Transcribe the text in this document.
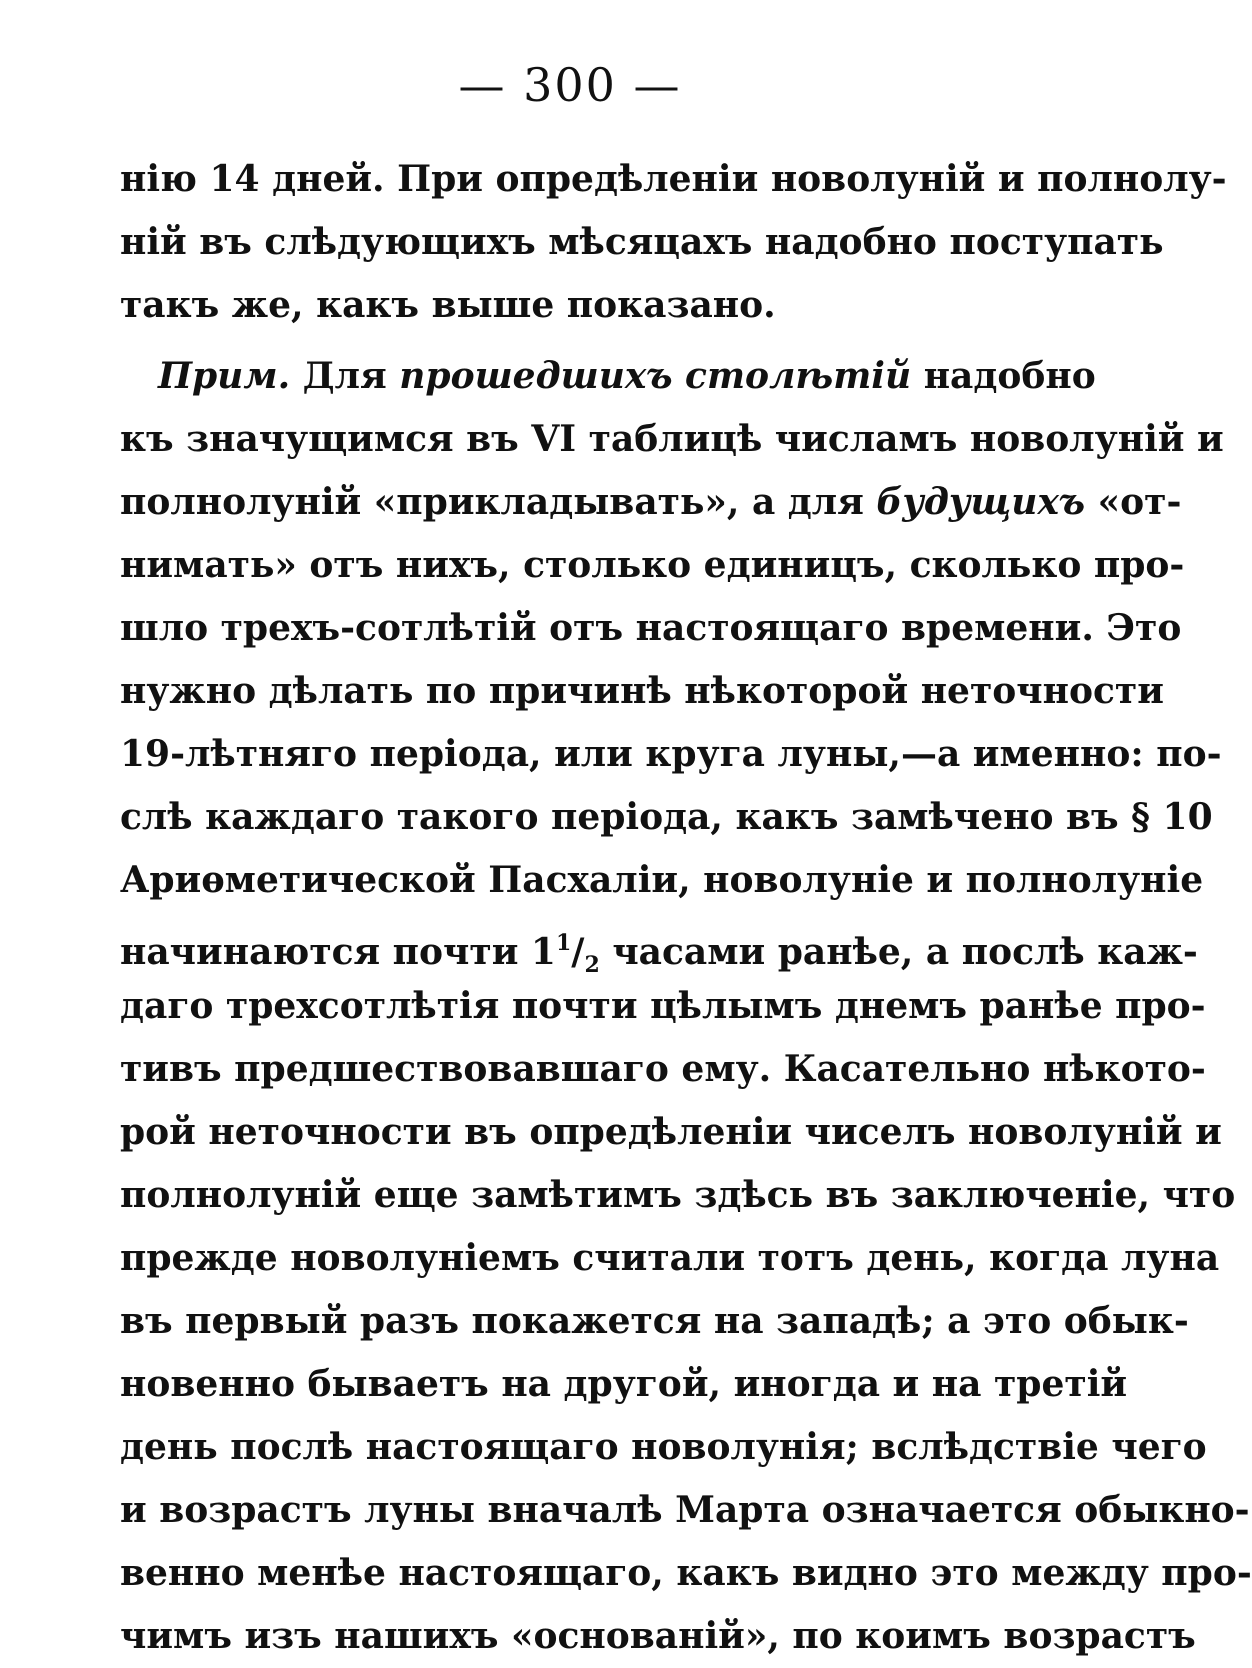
— 300 —
нію 14 дней. При опредѣленіи новолуній и полнолу-
ній въ слѣдующихъ мѣсяцахъ надобно поступать
такъ же, какъ выше показано.
Прим. Для прошедшихъ столѣтій надобно
къ значущимся въ VI таблицѣ числамъ новолуній и
полнолуній «прикладывать», а для будущихъ «от-
нимать» отъ нихъ, столько единицъ, сколько про-
шло трехъ-сотлѣтій отъ настоящаго времени. Это
нужно дѣлать по причинѣ нѣкоторой неточности
19-лѣтняго періода, или круга луны,—а именно: по-
слѣ каждаго такого періода, какъ замѣчено въ § 10
Ариѳметической Пасхаліи, новолуніе и полнолуніе
начинаются почти $1^1/_2$ часами ранѣе, а послѣ каж-
даго трехсотлѣтія почти цѣлымъ днемъ ранѣе про-
тивъ предшествовавшаго ему. Касательно нѣкото-
рой неточности въ опредѣленіи чиселъ новолуній и
полнолуній еще замѣтимъ здѣсь въ заключеніе, что
прежде новолуніемъ считали тотъ день, когда луна
въ первый разъ покажется на западѣ; а это обык-
новенно бываетъ на другой, иногда и на третій
день послѣ настоящаго новолунія; вслѣдствіе чего
и возрастъ луны вначалѣ Марта означается обыкно-
венно менѣе настоящаго, какъ видно это между про-
чимъ изъ нашихъ «основаній», по коимъ возрастъ
